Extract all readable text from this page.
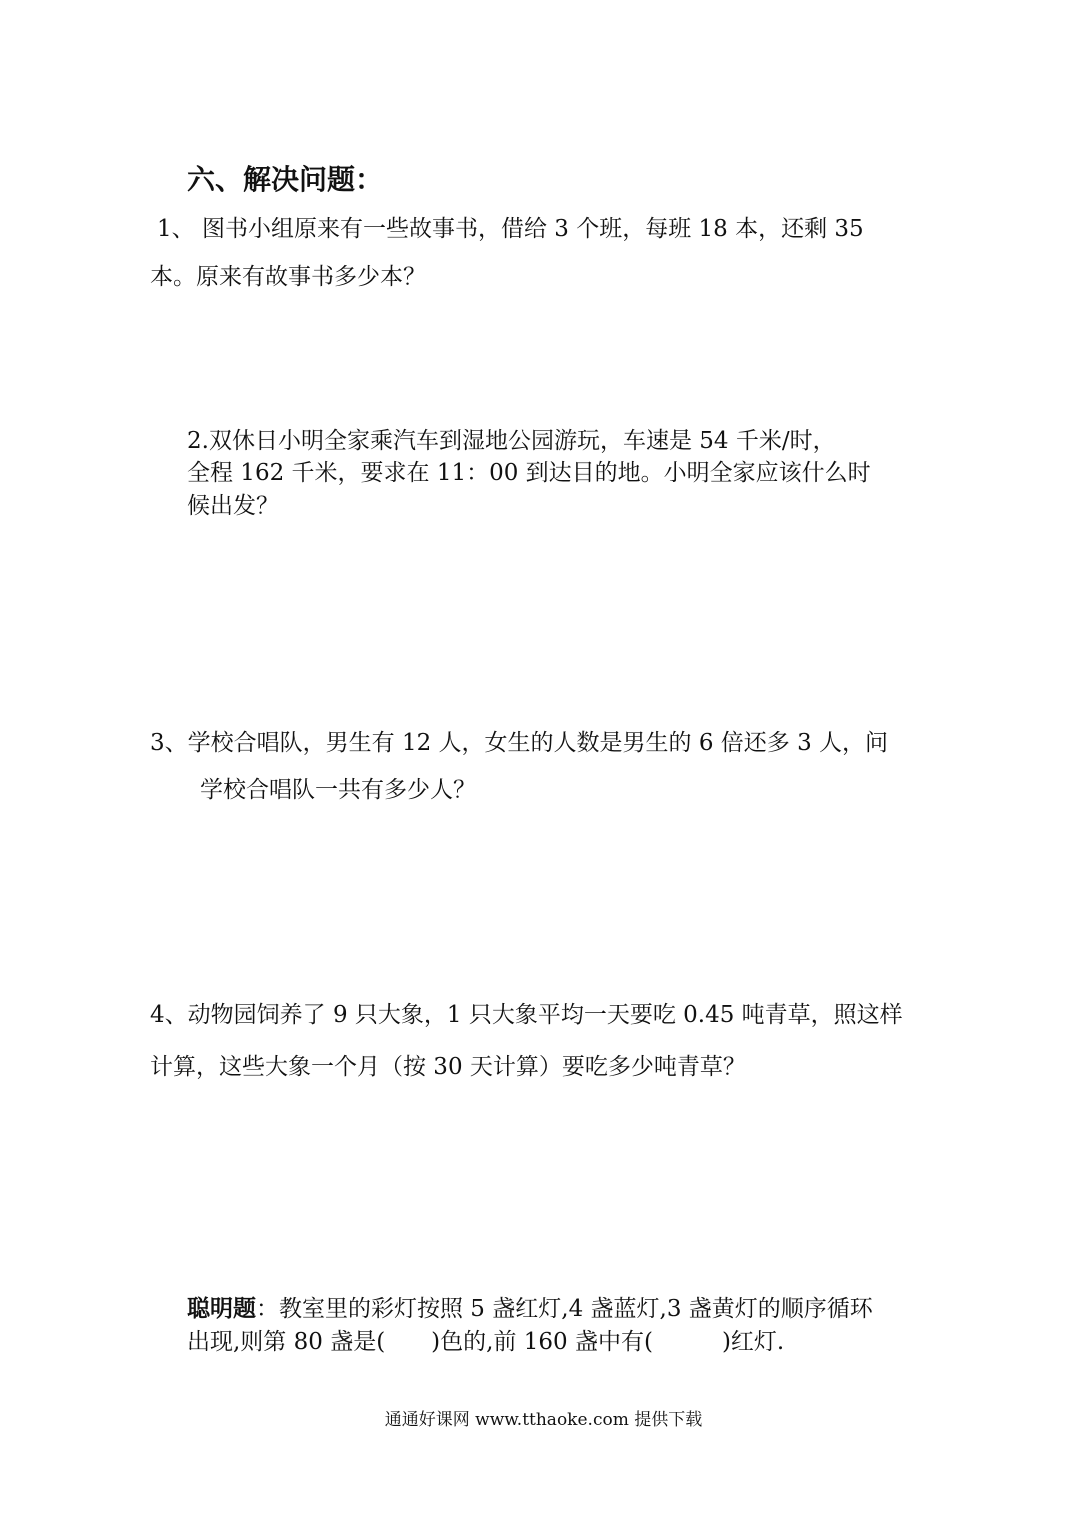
六、解决问题：
1、 图书小组原来有一些故事书，借给 3 个班，每班 18 本，还剩 35
本。原来有故事书多少本？
2.双休日小明全家乘汽车到湿地公园游玩，车速是 54 千米/时，
全程 162 千米，要求在 11：00 到达目的地。小明全家应该什么时
候出发？
3、学校合唱队，男生有 12 人，女生的人数是男生的 6 倍还多 3 人，问
学校合唱队一共有多少人？
4、动物园饲养了 9 只大象，1 只大象平均一天要吃 0.45 吨青草，照这样
计算，这些大象一个月（按 30 天计算）要吃多少吨青草？
聪明题：教室里的彩灯按照 5 盏红灯,4 盏蓝灯,3 盏黄灯的顺序循环
出现,则第 80 盏是(　　)色的,前 160 盏中有(　　　)红灯.
通通好课网 www.tthaoke.com 提供下载
